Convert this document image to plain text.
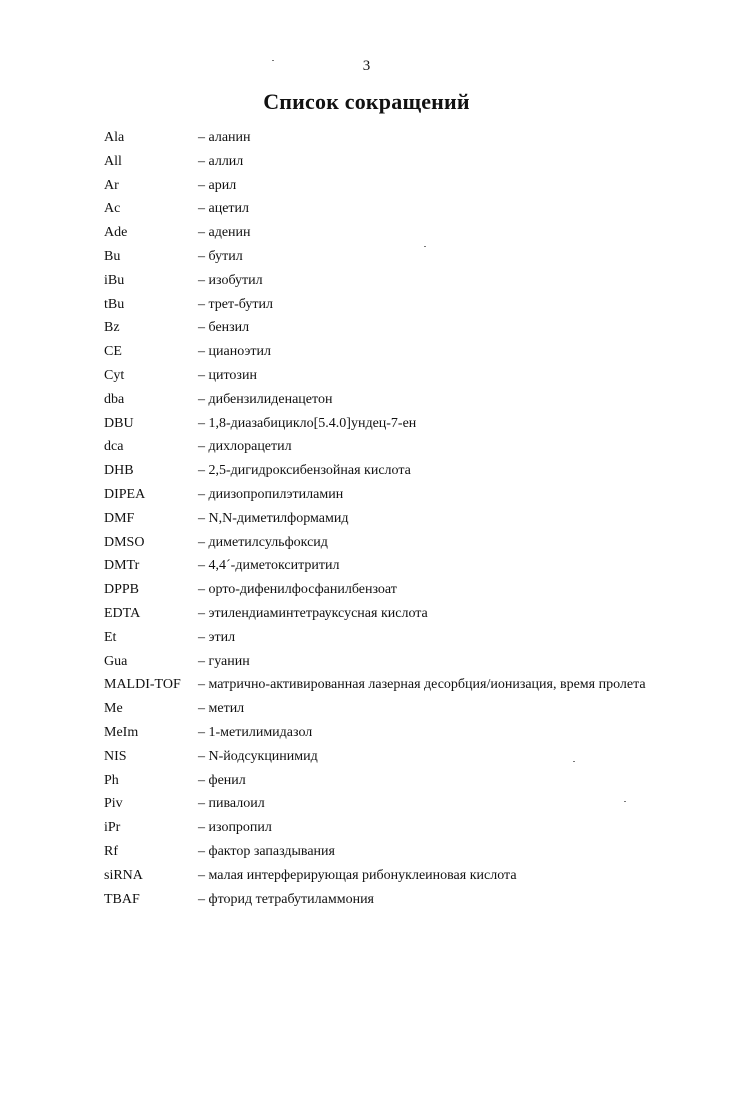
3
Список сокращений
Ala	– аланин
All	– аллил
Ar	– арил
Ac	– ацетил
Ade	– аденин
Bu	– бутил
iBu	– изобутил
tBu	– трет-бутил
Bz	– бензил
CE	– цианоэтил
Cyt	– цитозин
dba	– дибензилиденацетон
DBU	– 1,8-диазабицикло[5.4.0]ундец-7-ен
dca	– дихлорацетил
DHB	– 2,5-дигидроксибензойная кислота
DIPEA	– диизопропилэтиламин
DMF	– N,N-диметилформамид
DMSO	– диметилсульфоксид
DMTr	– 4,4´-диметокситритил
DPPB	– орто-дифенилфосфанилбензоат
EDTA	– этилендиаминтетрауксусная кислота
Et	– этил
Gua	– гуанин
MALDI-TOF – матрично-активированная лазерная десорбция/ионизация, время пролета
Me	– метил
MeIm	– 1-метилимидазол
NIS	– N-йодсукцинимид
Ph	– фенил
Piv	– пивалоил
iPr	– изопропил
Rf	– фактор запаздывания
siRNA	– малая интерферирующая рибонуклеиновая кислота
TBAF	– фторид тетрабутиламмония
